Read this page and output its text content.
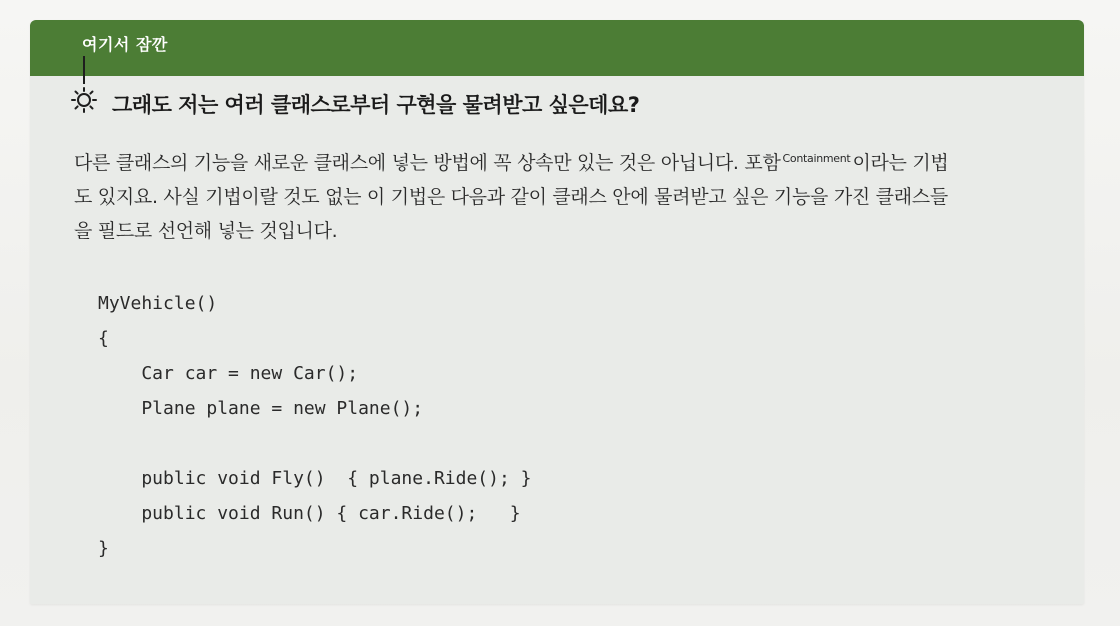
여기서 잠깐
그래도 저는 여러 클래스로부터 구현을 물려받고 싶은데요?
다른 클래스의 기능을 새로운 클래스에 넣는 방법에 꼭 상속만 있는 것은 아닙니다. 포함 $^{Containment}$ 이라는 기법
도 있지요. 사실 기법이랄 것도 없는 이 기법은 다음과 같이 클래스 안에 물려받고 싶은 기능을 가진 클래스들
을 필드로 선언해 넣는 것입니다.
MyVehicle()
{
Car car = new Car();
Plane plane = new Plane();
public void Fly()  { plane.Ride(); }
public void Run() { car.Ride();   }
}
